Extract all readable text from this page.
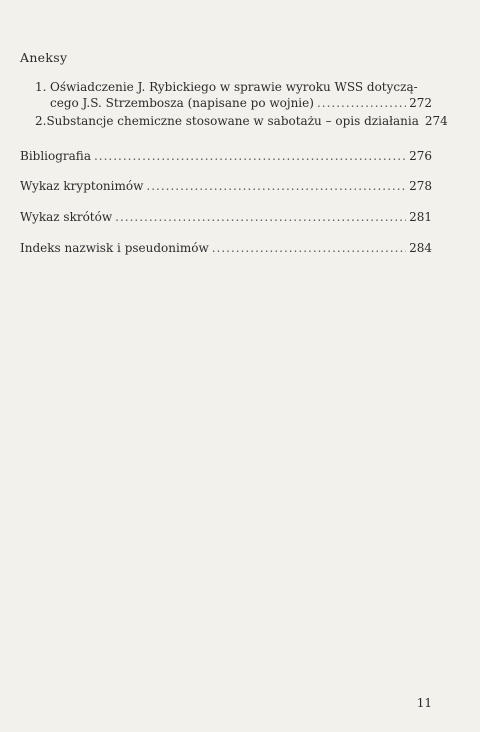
Aneksy
1. Oświadczenie J. Rybickiego w sprawie wyroku WSS dotyczą-
cego J.S. Strzembosza (napisane po wojnie) .....	272
2. Substancje chemiczne stosowane w sabotażu – opis działania 274
Bibliografia .....	276
Wykaz kryptonimów .....	278
Wykaz skrótów .....	281
Indeks nazwisk i pseudonimów .....	284
11
